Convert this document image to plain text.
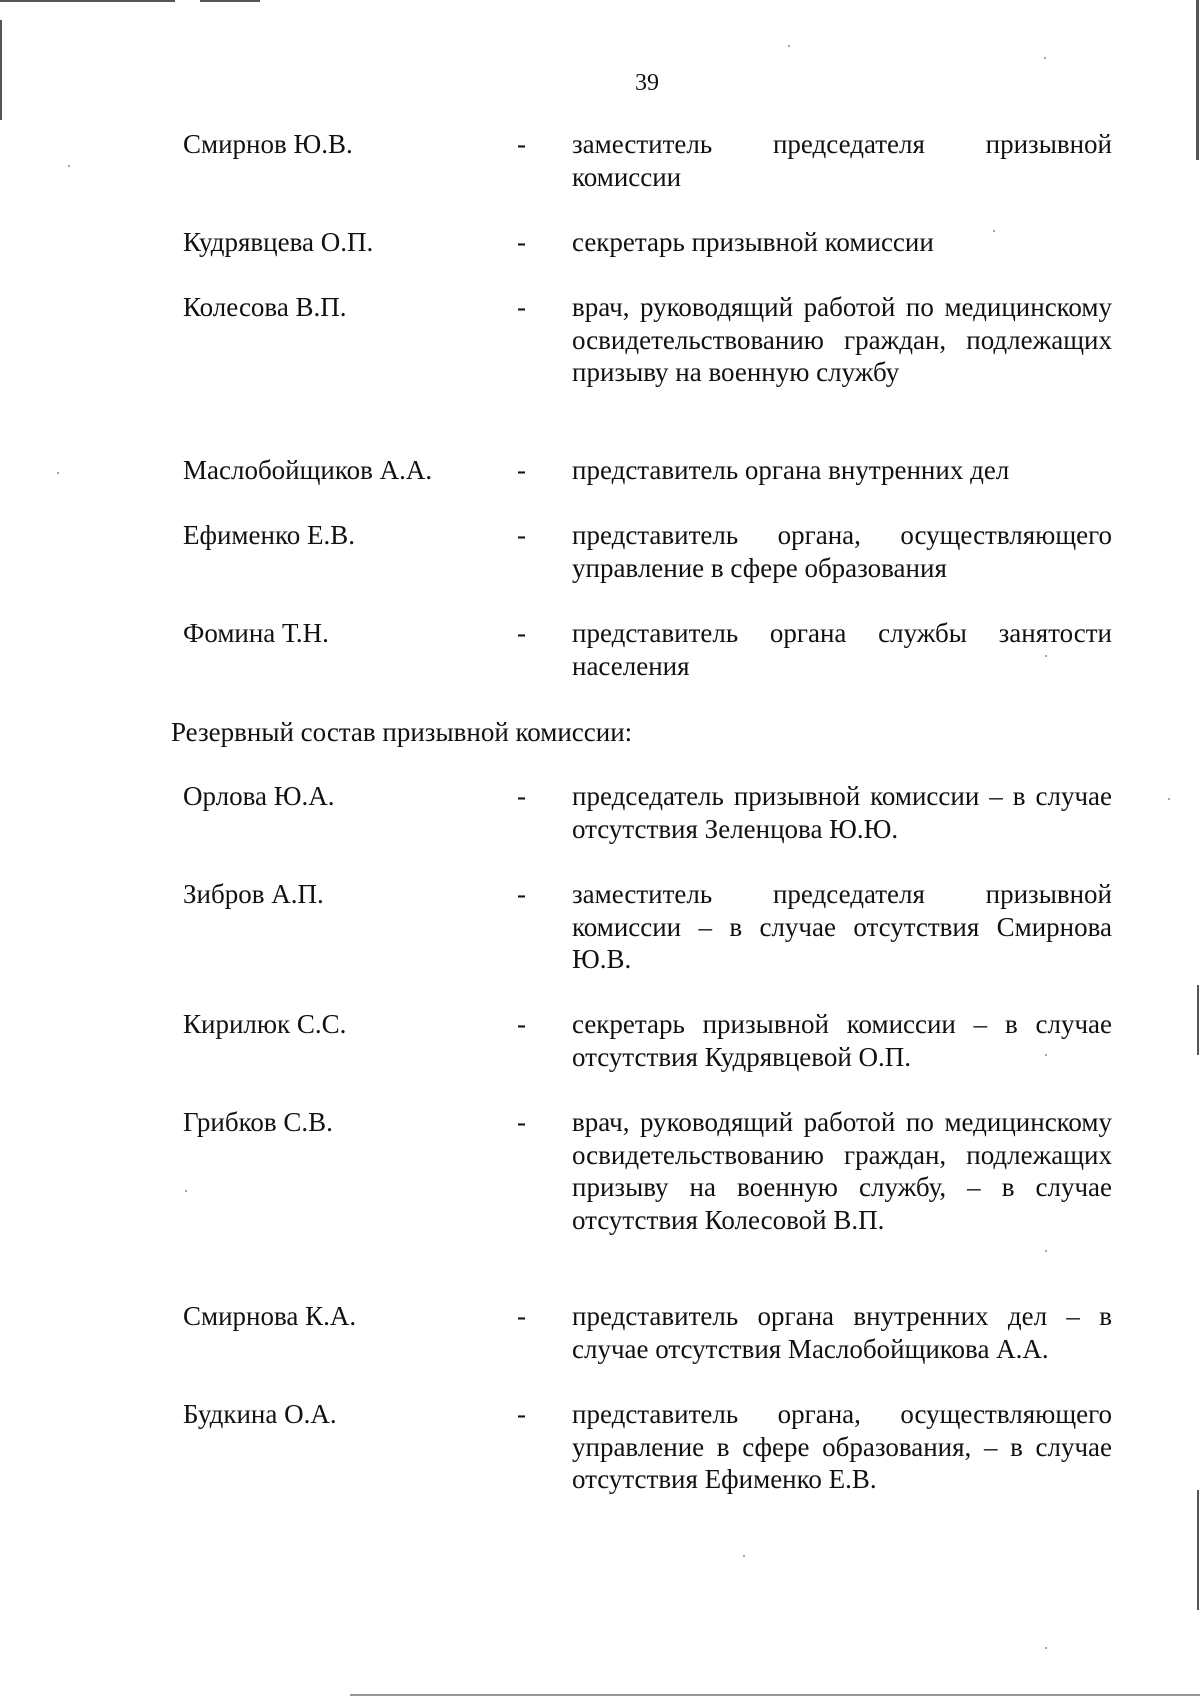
39
Смирнов Ю.В.	- заместитель председателя призывной комиссии
Кудрявцева О.П.	- секретарь призывной комиссии
Колесова В.П.	- врач, руководящий работой по медицинскому освидетельствованию граждан, подлежащих призыву на военную службу
Маслобойщиков А.А.	- представитель органа внутренних дел
Ефименко Е.В.	- представитель органа, осуществляющего управление в сфере образования
Фомина Т.Н.	- представитель органа службы занятости населения
Резервный состав призывной комиссии:
Орлова Ю.А.	- председатель призывной комиссии – в случае отсутствия Зеленцова Ю.Ю.
Зибров А.П.	- заместитель председателя призывной комиссии – в случае отсутствия Смирнова Ю.В.
Кирилюк С.С.	- секретарь призывной комиссии – в случае отсутствия Кудрявцевой О.П.
Грибков С.В.	- врач, руководящий работой по медицинскому освидетельствованию граждан, подлежащих призыву на военную службу, – в случае отсутствия Колесовой В.П.
Смирнова К.А.	- представитель органа внутренних дел – в случае отсутствия Маслобойщикова А.А.
Будкина О.А.	- представитель органа, осуществляющего управление в сфере образования, – в случае отсутствия Ефименко Е.В.
